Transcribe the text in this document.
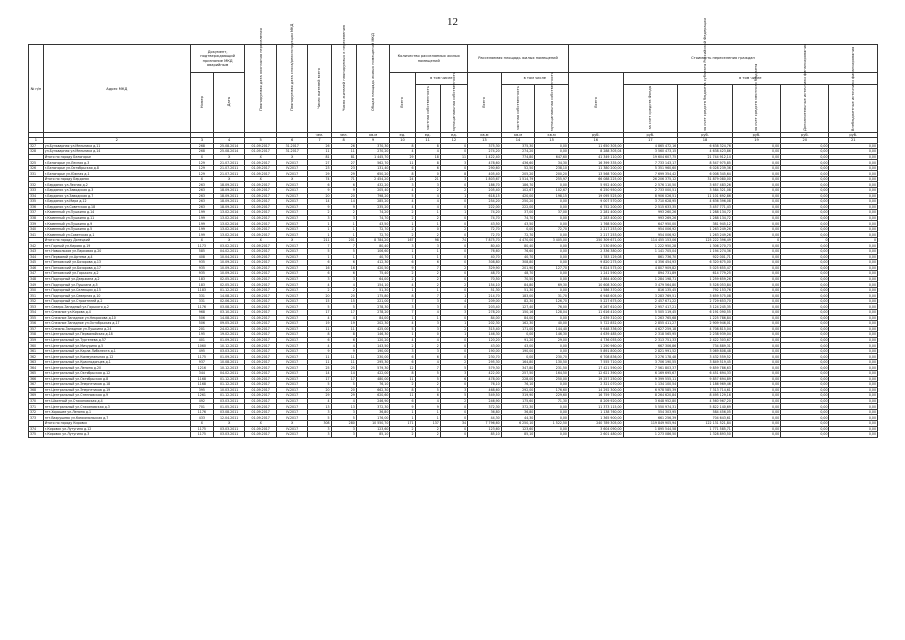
12
№ п/п	Адрес МКД	Документ, подтверждающий признание МКД аварийным		Планируемая дата окончания переселения	Планируемая дата сноса/реконструкции МКД	Число жителей всего	Число жителей планируемых к переселению	Общая площадь жилых помещений МКД	Количество расселяемых жилых помещений			Расселяемая площадь жилых помещений			Стоимость переселения граждан					
		Номер	Дата						Всего	в том числе		Всего	в том числе		Всего	в том числе				
										частная собственность	муниципальная собственность		частная собственность	муниципальная собственность		за счет средств Фонда	за счет средств бюджета субъекта Российской Федерации	за счет средств местного бюджета	Дополнительные источники финансирования	Внебюджетные источники финансирования
						чел.	чел.	кв.м	ед.	ед.	ед.	кв.м	кв.м	кв.м	руб.	руб.	руб.	руб.	руб.	руб.
1	2	3	4	5	6	7	8	9	10	11	12	13	14	15	16	17	18	19	20	21
327	ул.Бульварная ул.Мельника д.11	268	25.08.2014	01.09.2017	31.2017	26	26	370,30	8	8	0	375,30	375,30	0,00	11 650 305,00	4 865 472,16	6 638 324,76	0,00	0,00	0,00
328	ул.Бульварная ул.Мельника д.14	268	25.08.2014	01.09.2017	31.2017	11	11	270,20	4	4	0	274,20	274,20	0,00	8 288 305,04	3 560 473,15	4 638 423,86	0,00	0,00	0,00
	Итого по городу Белогорье	X	X	X	X	81	81	1 445,70	29	18	11	1 422,40	774,80	647,60	41 349 110,00	19 604 607,75	21 744 912,14	0,00	0,00	0,00
325	г.Белогорье ул.Лесная д.3	129	21.07.2011	01.09.2017	IV.2017	27	27	562,70	11	8	3	478,60	436,60	34,30	16 399 335,00	7 733 143,17	8 547 975,85	0,00	0,00	0,00
326	г.Белогорье ул.Октябрьская д.8	129	21.07.2011	01.09.2017	IV.2017	23	23	131,40	6	6	0	290,60	52,50	238,10	11 380 200,00	5 351 960,60	6 028 239,36	0,00	0,00	0,00
331	г.Белогорье ул.Южная д.1	129	21.07.2011	01.09.2017	IV.2017	29	29	650,20	8	0	8	405,40	205,20	200,20	13 568 700,00	7 699 354,42	6 008 345,64	0,00	0,00	0,00
	Итого по городу Бердянск	X	X	X	X	74	71	2 454,20	24	21	3	1 803,67	1 514,79	255,97	66 088 225,00	26 206 375,12	31 879 080,00	0,00	0,00	0,00
332	г.Бердянск ул.Лесная д.2	263	18.09.2011	01.09.2017	IV.2017	6	6	432,20	3	3	0	186,70	186,70	0,00	5 952 400,00	2 576 110,50	3 657 483,26	0,00	0,00	0,00
333	г.Бердянск ул.Заводская д.3	263	18.09.2011	01.09.2017	IV.2017	9	9	205,40	4	2	2	205,40	102,67	102,67	6 250 950,00	2 733 000,51	3 584 321,08	0,00	0,00	0,00
334	г.Бердянск ул.Заводская д.7	263	18.09.2011	01.09.2017	IV.2017	20	20	798,20	5	4	1	618,15	420,00	198,15	19 095 525,00	8 906 026,51	11 101 692,86	0,00	0,00	0,00
335	г.Бердянск ул.Мира д.12	263	18.09.2011	01.09.2017	IV.2017	14	14	285,20	4	4	0	254,20	250,20	0,00	9 007 570,00	3 710 628,95	4 636 396,08	0,00	0,00	0,00
336	г.Бердянск ул.Советская д.18	263	18.09.2011	01.09.2017	IV.2017	9	9	235,20	4	4	0	222,00	222,00	0,00	6 752 200,00	2 515 633,35	3 457 771,43	0,00	0,00	0,00
337	г.Каменный ул.Пушкина д.14	199	13.02.2014	01.09.2017	IV.2017	2	2	74,20	2	1	1	74,20	37,00	37,00	2 281 400,00	993 260,26	1 288 134,72	0,00	0,00	0,00
338	г.Каменный ул.Пушкина д.11	199	13.02.2014	01.09.2017	IV.2017	3	3	74,70	2	2	0	74,70	74,70	0,00	2 283 400,00	993 269,26	1 288 134,72	0,00	0,00	0,00
339	г.Каменный ул.Пушкина д.9	199	13.02.2014	01.09.2017	IV.2017	1	1	43,50	1	1	0	43,50	43,50	0,00	1 768 500,00	647 950,00	381 945,12	0,00	0,00	0,00
340	г.Каменный ул.Пушкина д.5	199	13.02.2014	01.09.2017	IV.2017	1	1	72,70	2	0	2	72,70	0,00	72,70	2 217 253,00	954 006,92	1 263 249,26	0,00	0,00	0,00
341	г.Каменный ул.Советская д.1	199	13.02.2014	01.09.2017	IV.2017	1	1	72,70	2	2	0	72,70	72,70	0,00	2 217 253,00	954 006,92	1 263 249,26	0,00	0,00	0,00
	Итого по городу Донецкий	X	X	X	X	211	201	8 784,20	167	98	74	7 875,70	4 470,00	3 405,00	250 309 671,00	114 455 153,06	125 222 396,49	0	0	0
342	пгт.Горный ул.Кирова д.19	1173	03.02.2011	01.09.2017	IV.2017	7	7	80,40	3	3	0	80,40	80,40	0,00	2 530 890,00	1 222 950,28	1 306 270,73	0,00	0,00	0,00
343	пгт.Новоольхов ул.Парковая д.20	585	04.02.2011	01.09.2017	IV.2017	5	5	106,60	1	1	0	76,60	76,60	0,00	2 336 380,00	1 141 705,04	1 194 274,36	0,00	0,00	0,00
344	пгт.Первомай ул.Артема д.4	408	10.04.2011	01.09.2017	IV.2017	1	1	40,70	1	1	0	40,70	40,70	0,00	1 783 129,08	861 736,70	922 001,71	0,00	0,00	0,00
345	пгт.Пятковский ул.Бозорова д.13	935	10.09.2011	01.09.2017	IV.2017	6	6	412,30	6	6	0	308,80	308,80	0,00	9 820 275,00	4 356 454,93	6 320 675,00	0,00	0,00	0,00
346	пгт.Пятковский ул.Бозорова д.17	935	10.09.2011	01.09.2017	IV.2017	16	16	420,50	9	7	2	329,90	201,90	127,70	9 824 575,00	4 807 909,82	5 025 655,47	0,00	0,00	0,00
347	пгт.Пятковский ул.Горького д.2	935	10.09.2011	01.09.2017	IV.2017	6	6	75,40	2	2	0	48,70	48,70	0,00	1 241 590,00	894 731,89	614 779,25	0,00	0,00	0,00
348	пгт.Подгорный ул.Дзержина д.2	183	02.05.2011	01.09.2017	IV.2017	3	3	64,00	2	2	0	70,50	70,50	0,00	2 864 400,00	1 284 198,71	1 259 659,26	0,00	0,00	0,00
349	пгт.Подгорный ул.Пушкина д.5	183	02.05.2011	01.09.2017	IV.2017	4	4	154,10	4	2	2	154,10	84,80	69,30	10 608 300,00	3 479 564,80	5 528 053,84	0,00	0,00	0,00
350	пгт.Подгорный ул.Селекции д.15	1183	01.12.2012	01.09.2017	IV.2017	2	2	51,30	1	1	0	51,30	51,30	0,00	1 586 370,00	816 135,45	792 153,76	0,00	0,00	0,00
351	пгт.Подгорный ул.Северная д.10	331	14.08.2011	01.09.2017	IV.2017	20	20	175,80	8	7	1	214,70	183,00	31,70	6 948 605,00	3 283 769,51	3 659 575,08	0,00	0,00	0,00
352	пгт.Подгорный ул.Строителей д.2	331	02.06.2011	01.09.2017	IV.2017	15	15	221,00	7	3	4	209,00	82,30	126,70	5 227 675,00	2 457 671,22	2 729 653,70	0,00	0,00	0,00
353	пгт.Северо-Западный ул.Горького д.2	1176	03.08.2011	01.09.2017	IV.2017	5	5	278,30	3	3	0	203,40	127,40	76,00	6 267 610,00	2 957 417,21	3 124 245,35	0,00	0,00	0,00
354	пгт.Снежное ул.Кирова д.4	968	03.10.2011	01.09.2017	IV.2017	17	17	278,20	7	4	3	278,20	150,16	128,04	11 616 410,00	5 505 119,45	6 191 090,55	0,00	0,00	0,00
355	пгт.Снежное Западное ул.Некрасова д.10	506	14.08.2011	01.09.2017	IV.2017	4	4	84,00	1	1	0	84,00	84,00	0,00	2 639 310,00	1 263 765,68	1 225 786,84	0,00	0,00	0,00
356	пгт.Снежное Западное ул.Октябрьская д.17	506	09.05.2013	01.09.2017	IV.2017	19	19	202,30	4	3	1	202,30	162,30	40,00	5 722 852,00	2 855 411,27	2 909 946,01	0,00	0,00	0,00
357	пгт.Снежно-Западное ул.Пушкина д.24	201	24.02.2011	01.09.2017	IV.2017	11	11	425,00	5	3	2	315,40	171,00	144,40	9 648 336,00	4 627 259,18	4 708 815,04	0,00	0,00	0,00
358	пгт.Центральный ул.Первомайская д.18	195	19.02.2011	01.09.2017	IV.2017	8	8	146,30	1	0	1	146,30	0,00	146,30	4 639 485,00	2 318 565,95	2 238 939,04	0,00	0,00	0,00
359	пгт.Центральный ул.Тургенева д.57	401	01.09.2011	01.09.2017	IV.2017	6	6	120,20	4	4	0	120,20	91,20	29,00	4 736 055,00	2 313 751,33	2 422 303,67	0,00	0,00	0,00
360	пгт.Центральный ул.Мичурина д.5	1060	10.12.2012	01.09.2017	IV.2017	4	4	143,50	2	2	0	43,00	43,00	0,00	1 290 960,00	667 306,86	734 889,31	0,00	0,00	0,00
361	пгт.Центральный ул.Карла Либкнехта д.1	495	03.03.2011	01.09.2017	IV.2017	9	9	190,00	3	3	0	190,00	190,00	0,00	5 891 800,00	2 821 991,52	3 069 808,48	0,00	0,00	0,00
362	пгт.Центральный ул.Коммунальная д.12	1175	01.09.2011	01.09.2017	IV.2017	11	11	230,00	6	6	0	230,70	0,00	230,70	6 708 836,00	3 276 178,48	3 432 559,52	0,00	0,00	0,00
363	пгт.Центральный ул.Краснодонцев д.1	937	10.08.2011	01.09.2017	IV.2017	11	11	295,30	6	4	2	295,30	164,80	130,50	7 555 710,00	3 706 190,55	3 849 519,45	0,00	0,00	0,00
364	пгт.Центральный ул.Ленина д.20	1216	10.12.2013	01.09.2017	IV.2017	25	25	579,30	12	7	5	579,30	347,80	231,50	17 421 590,00	7 561 803,37	9 859 786,63	0,00	0,00	0,00
365	пгт.Центральный ул.Октябрьская д.12	344	04.02.2011	01.09.2017	IV.2017	14	14	422,00	8	5	3	422,00	257,50	164,50	12 621 390,00	6 169 695,67	6 451 694,33	0,00	0,00	0,00
366	пгт.Центральный ул.Октябрьская д.8	1168	01.12.2013	01.09.2017	IV.2017	17	17	480,00	11	5	6	478,00	228,00	250,00	19 257 250,00	9 399 555,11	9 857 694,89	0,00	0,00	0,00
367	пгт.Центральный ул.Энергетиков д.18	1168	01.12.2013	01.09.2017	IV.2017	5	5	76,10	2	2	0	76,10	76,10	0,00	2 321 070,00	1 134 100,54	1 186 969,46	0,00	0,00	0,00
368	пгт.Центральный ул.Энергетиков д.19	395	10.03.2011	01.09.2017	IV.2017	20	20	662,30	8	5	3	468,60	292,00	176,60	14 292 300,00	6 978 585,39	7 313 714,61	0,00	0,00	0,00
369	пгт.Центральный ул.Степновская д.9	1261	01.12.2011	01.09.2017	IV.2017	29	29	620,60	11	6	5	549,50	319,90	229,60	16 759 750,00	8 264 620,84	8 495 129,16	0,00	0,00	0,00
370	пгт.Шахтный ул.Стахановская д.4	492	03.03.2011	01.09.2017	IV.2017	4	4	246,90	6	4	2	246,90	175,60	71,30	8 209 920,00	3 648 952,80	4 560 967,20	0,00	0,00	0,00
371	пгт.Центральный ул.Стахановская д.3	701	01.05.2011	01.09.2017	IV.2017	13	13	372,30	9	9	0	372,30	372,30	0,00	11 373 115,00	5 550 974,31	5 822 140,69	0,00	0,00	0,00
372	пгт.Хорошее ул.Ленина д.1	1176	03.08.2011	01.09.2017	IV.2017	3	3	36,80	1	1	0	36,80	36,80	0,00	1 138 760,00	554 303,95	584 456,05	0,00	0,00	0,00
373	пгт.Вахрушево ул.Комсомольская д.7	433	12.04.2011	01.09.2017	IV.2017	5	5	176,00	1	1	0	44,30	44,30	0,00	1 365 900,00	661 256,39	704 643,61	0,00	0,00	0,00
	Итого по городу Кировск	X	X	X	X	308	280	10 550,70	171	137	34	7 796,60	6 250,10	1 522,50	240 789 305,00	119 849 905,94	122 131 521,84	0,00	0,00	0,00
374	г.Кировск ул.Лутугина д.12	1175	03.03.2011	01.09.2017	IV.2017	3	3	123,60	2	2	0	123,60	123,60	0,00	3 604 090,00	1 895 544,58	1 771 585,71	0,00	0,00	0,00
375	г.Кировск ул.Лутугина д.3	1175	03.03.2011	01.09.2017	IV.2017	3	3	85,10	2	2	0	85,10	85,10	0,00	2 601 480,00	1 273 086,50	1 328 893,50	0,00	0,00	0,00
